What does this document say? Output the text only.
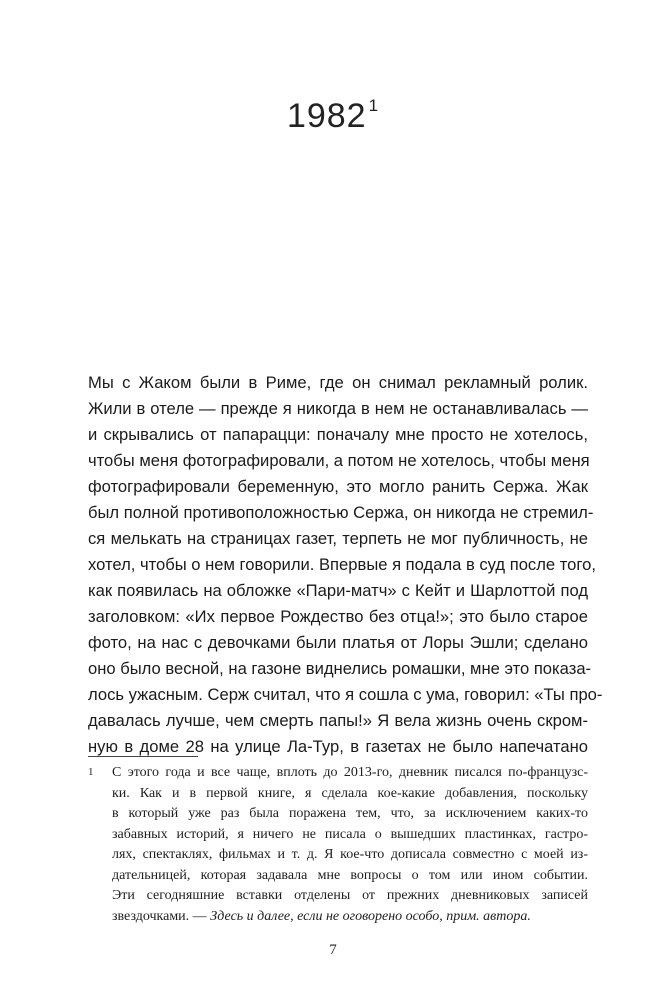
1982 $^1$
Мы с Жаком были в Риме, где он снимал рекламный ролик.
Жили в отеле — прежде я никогда в нем не останавливалась —
и скрывались от папарацци: поначалу мне просто не хотелось,
чтобы меня фотографировали, а потом не хотелось, чтобы меня
фотографировали беременную, это могло ранить Сержа. Жак
был полной противоположностью Сержа, он никогда не стремил-
ся мелькать на страницах газет, терпеть не мог публичность, не
хотел, чтобы о нем говорили. Впервые я подала в суд после того,
как появилась на обложке «Пари-матч» с Кейт и Шарлоттой под
заголовком: «Их первое Рождество без отца!»; это было старое
фото, на нас с девочками были платья от Лоры Эшли; сделано
оно было весной, на газоне виднелись ромашки, мне это показа-
лось ужасным. Серж считал, что я сошла с ума, говорил: «Ты про-
давалась лучше, чем смерть папы!» Я вела жизнь очень скром-
ную в доме 28 на улице Ла-Тур, в газетах не было напечатано
1 С этого года и все чаще, вплоть до 2013-го, дневник писался по-французс-
ки. Как и в первой книге, я сделала кое-какие добавления, поскольку
в который уже раз была поражена тем, что, за исключением каких-то
забавных историй, я ничего не писала о вышедших пластинках, гастро-
лях, спектаклях, фильмах и т. д. Я кое-что дописала совместно с моей из-
дательницей, которая задавала мне вопросы о том или ином событии.
Эти сегодняшние вставки отделены от прежних дневниковых записей
звездочками. — Здесь и далее, если не оговорено особо, прим. автора.
7
